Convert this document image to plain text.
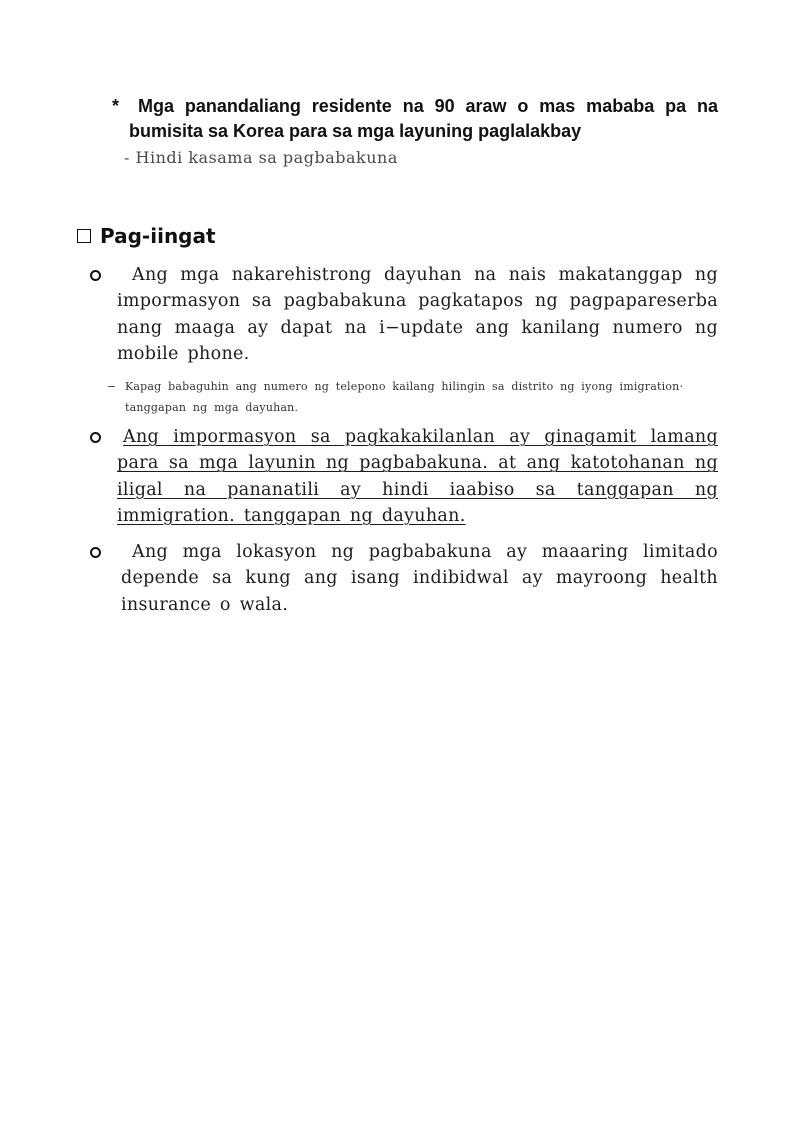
* Mga panandaliang residente na 90 araw o mas mababa pa na

bumisita sa Korea para sa mga layuning paglalakbay

- Hindi kasama sa pagbabakuna
Pag-iingat
Ang mga nakarehistrong dayuhan na nais makatanggap ng impormasyon sa pagbabakuna pagkatapos ng pagpapareserba nang maaga ay dapat na i−update ang kanilang numero ng mobile phone.
− Kapag babaguhin ang numero ng telepono kailang hilingin sa distrito ng iyong imigration·
tanggapan ng mga dayuhan.
Ang impormasyon sa pagkakakilanlan ay ginagamit lamang para sa mga layunin ng pagbabakuna. at ang katotohanan ng iligal na pananatili ay hindi iaabiso sa tanggapan ng immigration. tanggapan ng dayuhan.
Ang mga lokasyon ng pagbabakuna ay maaaring limitado depende sa kung ang isang indibidwal ay mayroong health insurance o wala.
